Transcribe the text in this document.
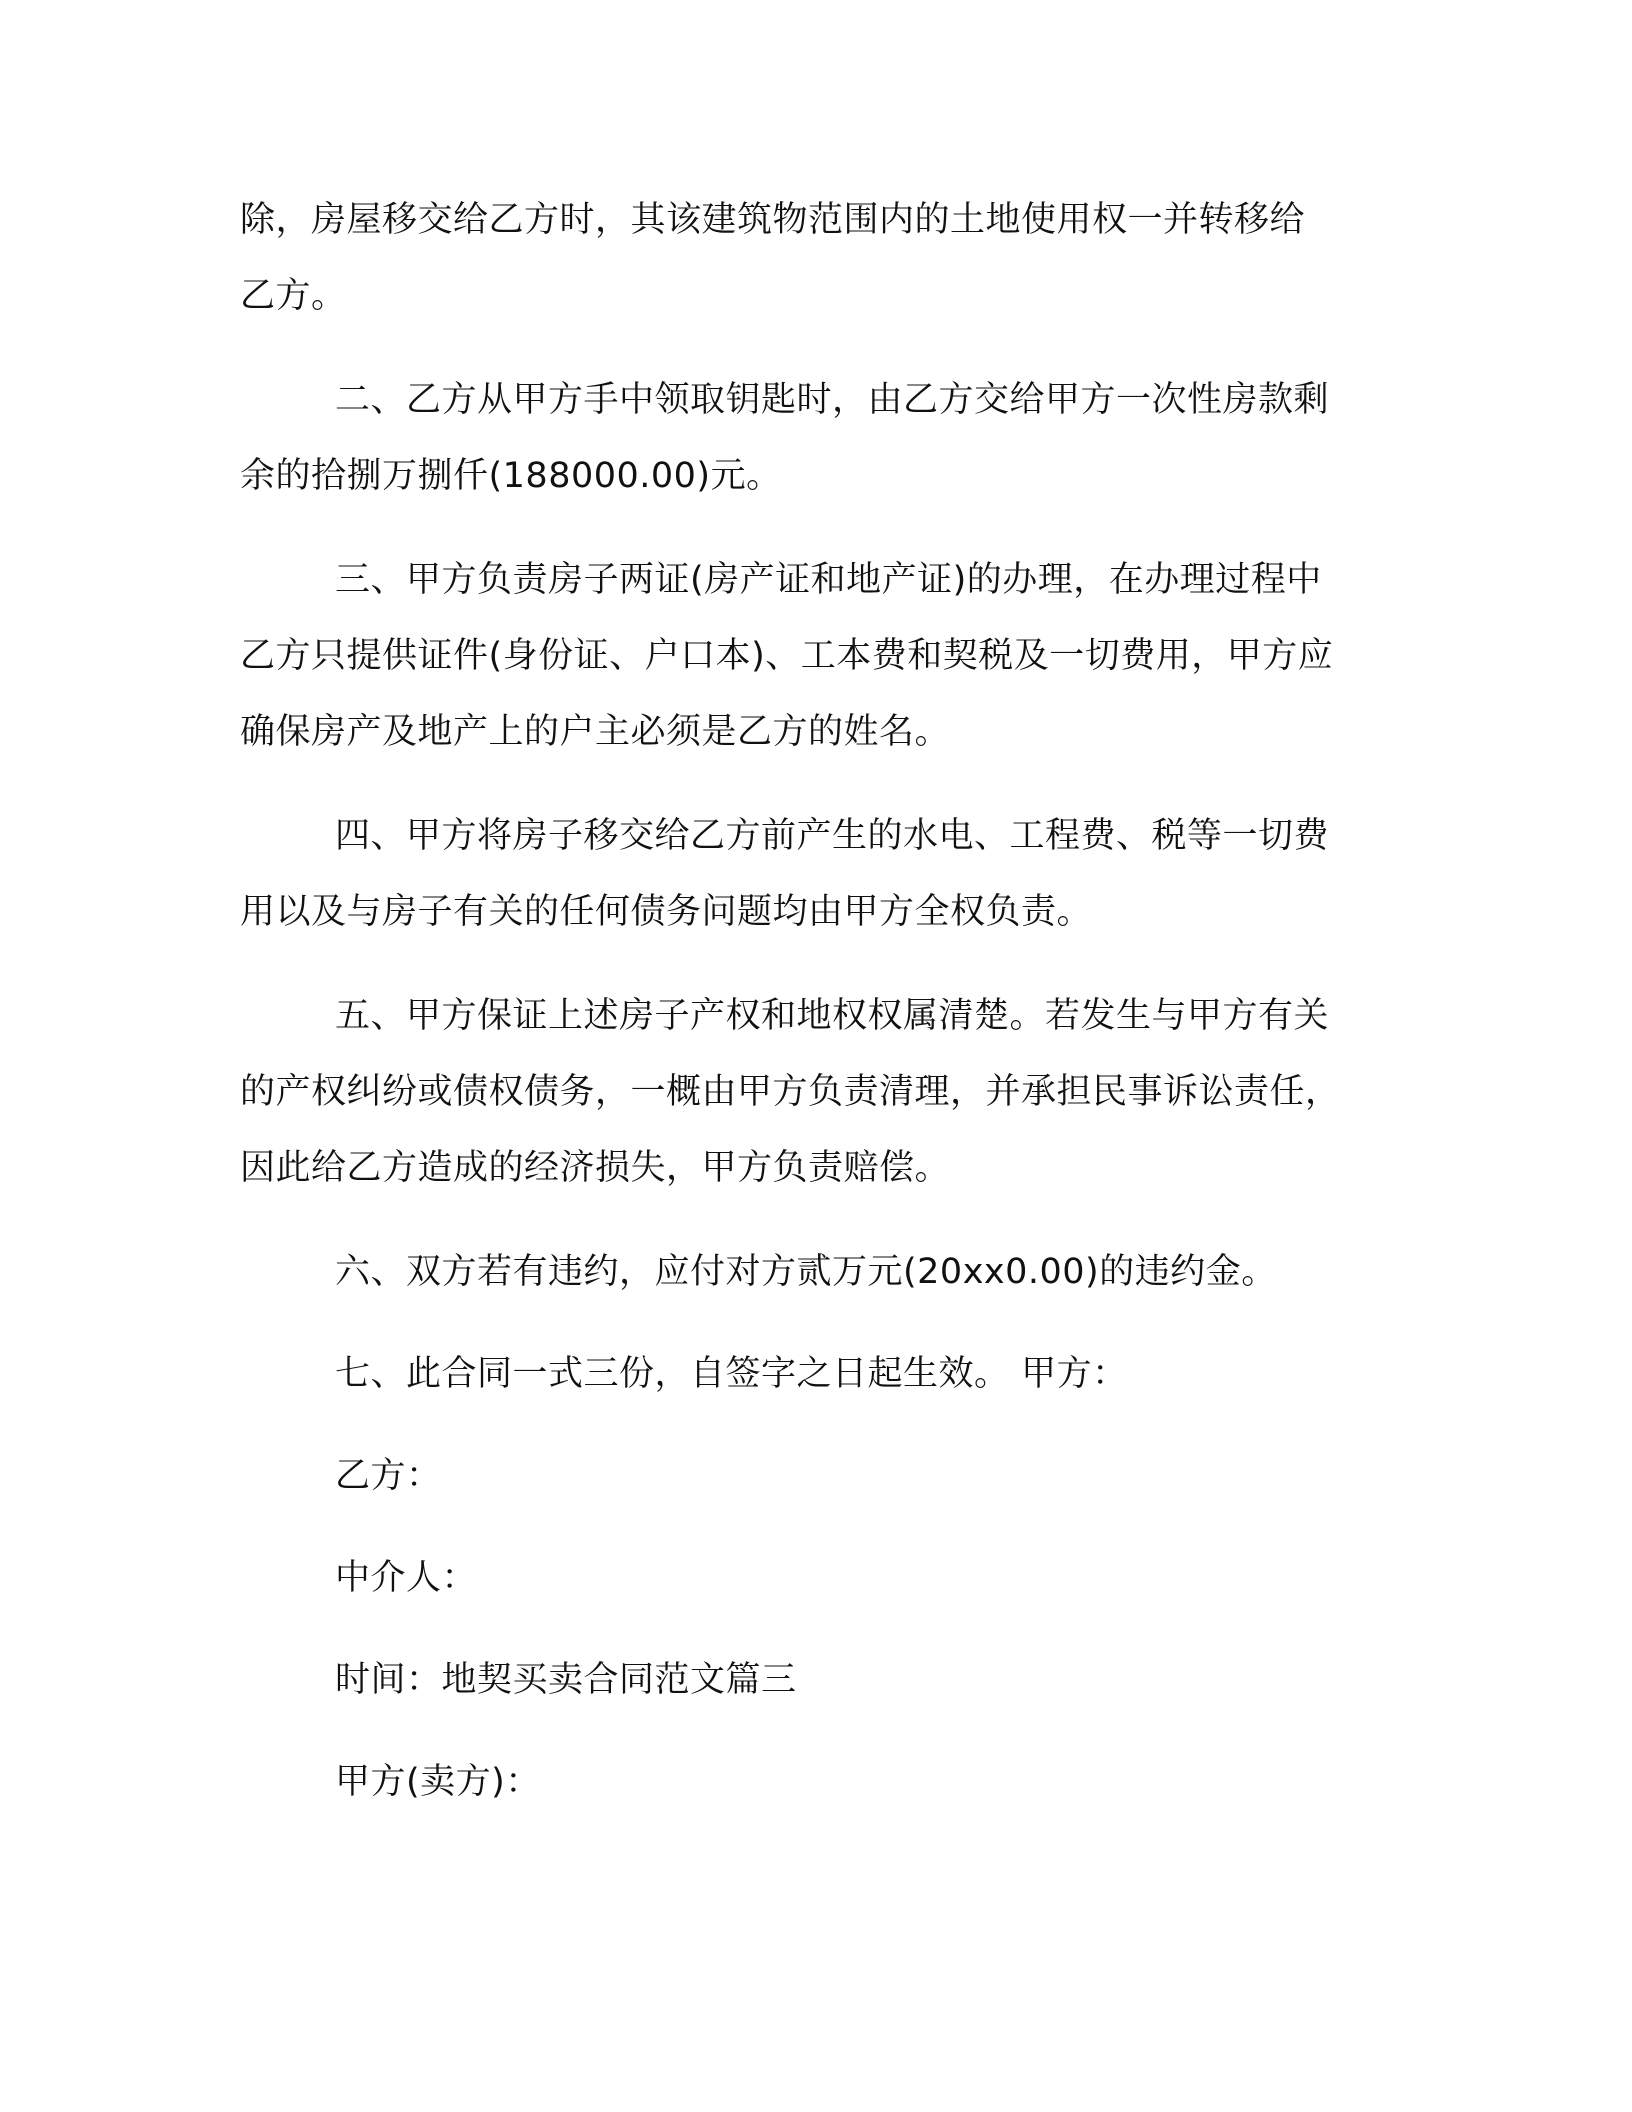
除，房屋移交给乙方时，其该建筑物范围内的土地使用权一并转移给
乙方。
二、乙方从甲方手中领取钥匙时，由乙方交给甲方一次性房款剩
余的拾捌万捌仟(188000.00)元。
三、甲方负责房子两证(房产证和地产证)的办理，在办理过程中
乙方只提供证件(身份证、户口本)、工本费和契税及一切费用，甲方应
确保房产及地产上的户主必须是乙方的姓名。
四、甲方将房子移交给乙方前产生的水电、工程费、税等一切费
用以及与房子有关的任何债务问题均由甲方全权负责。
五、甲方保证上述房子产权和地权权属清楚。若发生与甲方有关
的产权纠纷或债权债务，一概由甲方负责清理，并承担民事诉讼责任，
因此给乙方造成的经济损失，甲方负责赔偿。
六、双方若有违约，应付对方贰万元(20xx0.00)的违约金。
七、此合同一式三份，自签字之日起生效。 甲方：
乙方：
中介人：
时间：地契买卖合同范文篇三
甲方(卖方)：
